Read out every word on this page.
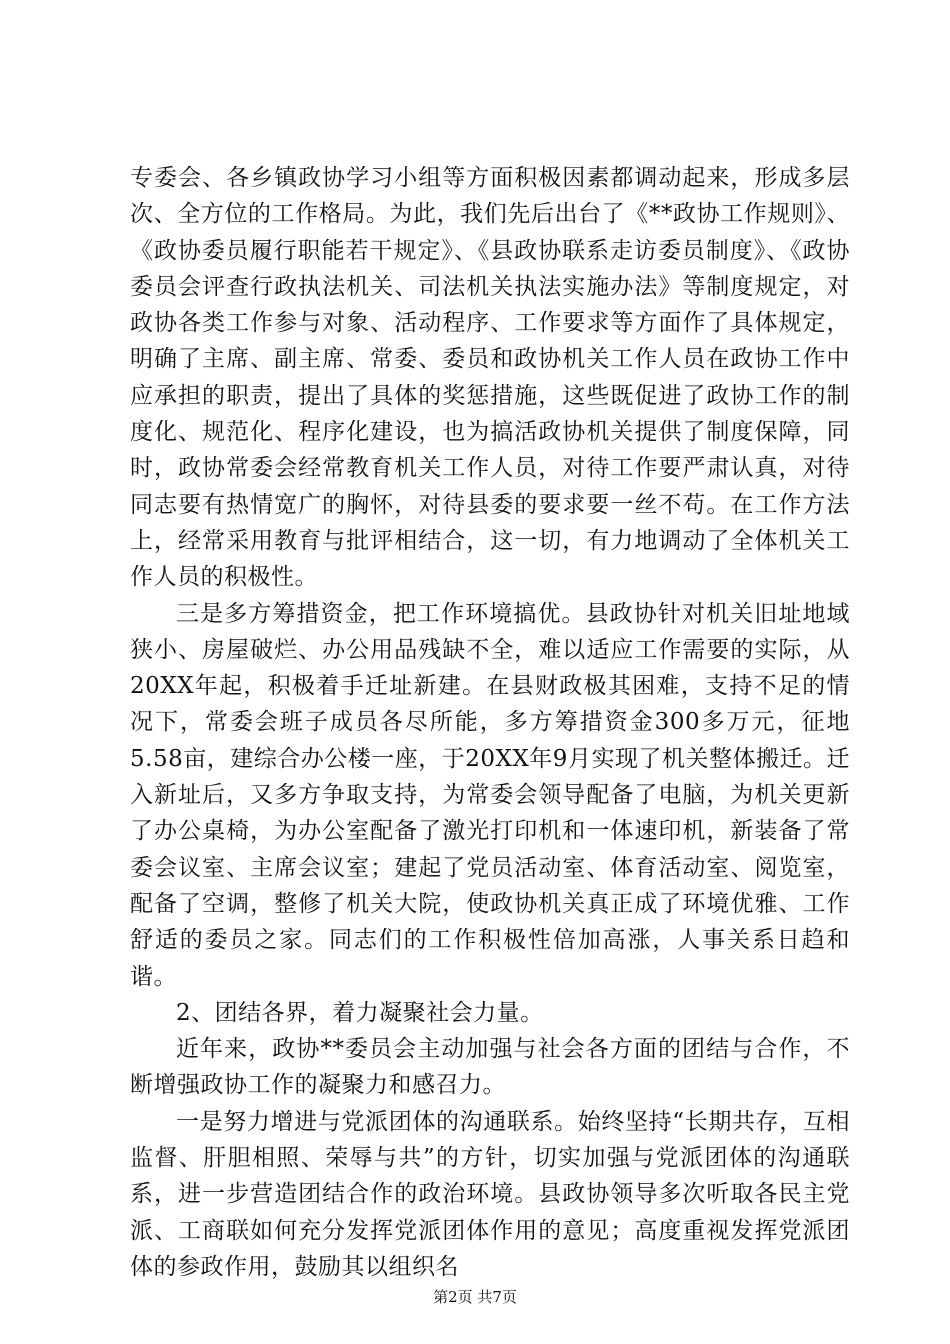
专委会、各乡镇政协学习小组等方面积极因素都调动起来，形成多层次、全方位的工作格局。为此，我们先后出台了《**政协工作规则》、《政协委员履行职能若干规定》、《县政协联系走访委员制度》、《政协委员会评查行政执法机关、司法机关执法实施办法》等制度规定，对政协各类工作参与对象、活动程序、工作要求等方面作了具体规定，明确了主席、副主席、常委、委员和政协机关工作人员在政协工作中应承担的职责，提出了具体的奖惩措施，这些既促进了政协工作的制度化、规范化、程序化建设，也为搞活政协机关提供了制度保障，同时，政协常委会经常教育机关工作人员，对待工作要严肃认真，对待同志要有热情宽广的胸怀，对待县委的要求要一丝不苟。在工作方法上，经常采用教育与批评相结合，这一切，有力地调动了全体机关工作人员的积极性。

三是多方筹措资金，把工作环境搞优。县政协针对机关旧址地域狭小、房屋破烂、办公用品残缺不全，难以适应工作需要的实际，从20XX年起，积极着手迁址新建。在县财政极其困难，支持不足的情况下，常委会班子成员各尽所能，多方筹措资金300多万元，征地5.58亩，建综合办公楼一座，于20XX年9月实现了机关整体搬迁。迁入新址后，又多方争取支持，为常委会领导配备了电脑，为机关更新了办公桌椅，为办公室配备了激光打印机和一体速印机，新装备了常委会议室、主席会议室；建起了党员活动室、体育活动室、阅览室，配备了空调，整修了机关大院，使政协机关真正成了环境优雅、工作舒适的委员之家。同志们的工作积极性倍加高涨，人事关系日趋和谐。

2、团结各界，着力凝聚社会力量。

近年来，政协**委员会主动加强与社会各方面的团结与合作，不断增强政协工作的凝聚力和感召力。

一是努力增进与党派团体的沟通联系。始终坚持“长期共存，互相监督、肝胆相照、荣辱与共”的方针，切实加强与党派团体的沟通联系，进一步营造团结合作的政治环境。县政协领导多次听取各民主党派、工商联如何充分发挥党派团体作用的意见；高度重视发挥党派团体的参政作用，鼓励其以组织名

第2页 共7页
